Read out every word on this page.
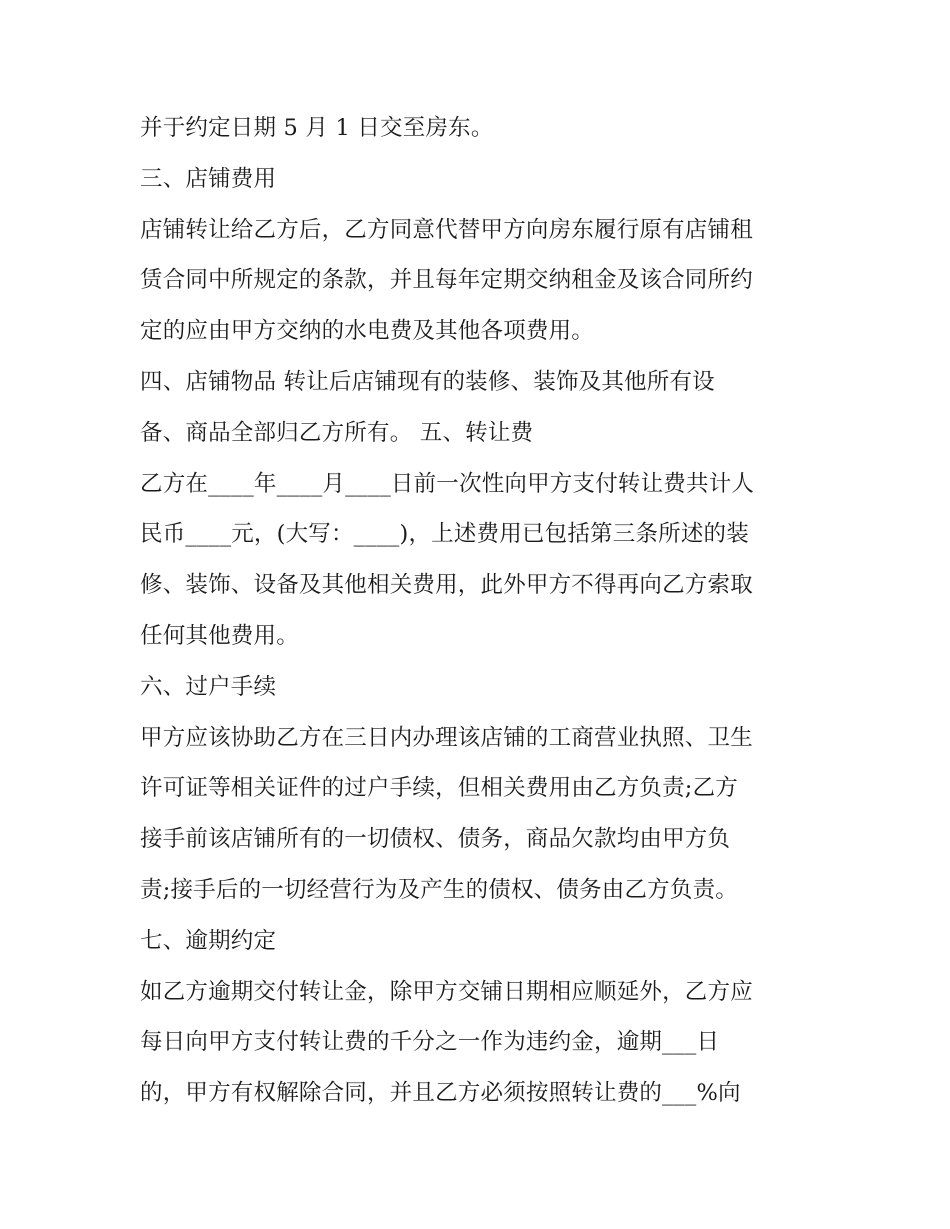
并于约定日期 5 月 1 日交至房东。
三、店铺费用
店铺转让给乙方后，乙方同意代替甲方向房东履行原有店铺租
赁合同中所规定的条款，并且每年定期交纳租金及该合同所约
定的应由甲方交纳的水电费及其他各项费用。
四、店铺物品 转让后店铺现有的装修、装饰及其他所有设
备、商品全部归乙方所有。 五、转让费
乙方在____年____月____日前一次性向甲方支付转让费共计人
民币____元，(大写：____)，上述费用已包括第三条所述的装
修、装饰、设备及其他相关费用，此外甲方不得再向乙方索取
任何其他费用。
六、过户手续
甲方应该协助乙方在三日内办理该店铺的工商营业执照、卫生
许可证等相关证件的过户手续，但相关费用由乙方负责;乙方
接手前该店铺所有的一切债权、债务，商品欠款均由甲方负
责;接手后的一切经营行为及产生的债权、债务由乙方负责。
七、逾期约定
如乙方逾期交付转让金，除甲方交铺日期相应顺延外，乙方应
每日向甲方支付转让费的千分之一作为违约金，逾期___日
的，甲方有权解除合同，并且乙方必须按照转让费的___%向
